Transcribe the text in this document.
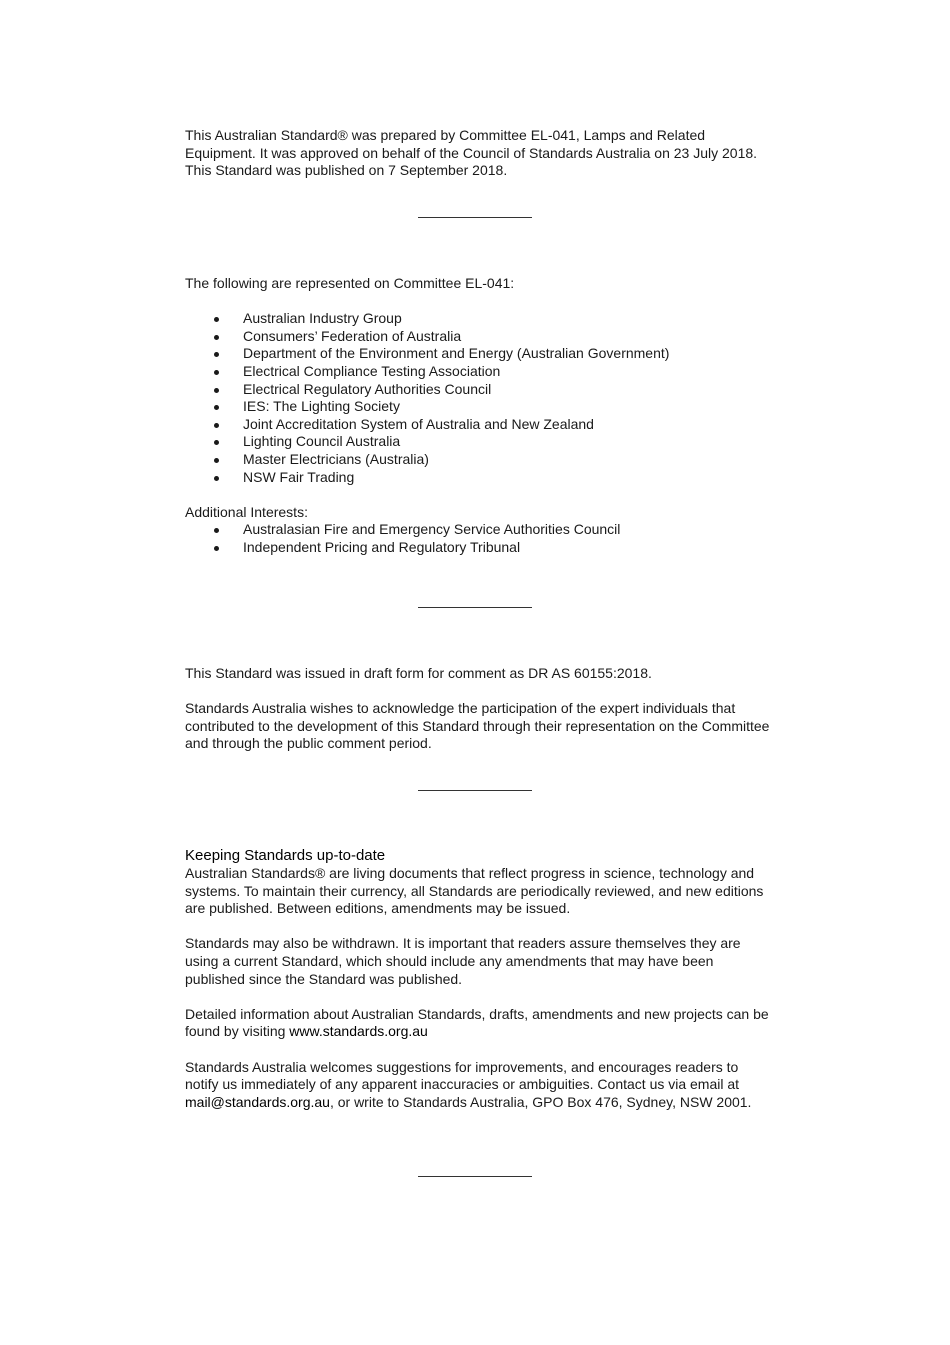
This Australian Standard® was prepared by Committee EL-041, Lamps and Related Equipment. It was approved on behalf of the Council of Standards Australia on 23 July 2018. This Standard was published on 7 September 2018.

The following are represented on Committee EL-041:

Australian Industry Group
Consumers’ Federation of Australia
Department of the Environment and Energy (Australian Government)
Electrical Compliance Testing Association
Electrical Regulatory Authorities Council
IES: The Lighting Society
Joint Accreditation System of Australia and New Zealand
Lighting Council Australia
Master Electricians (Australia)
NSW Fair Trading

Additional Interests:

Australasian Fire and Emergency Service Authorities Council
Independent Pricing and Regulatory Tribunal

This Standard was issued in draft form for comment as DR AS 60155:2018.

Standards Australia wishes to acknowledge the participation of the expert individuals that contributed to the development of this Standard through their representation on the Committee and through the public comment period.

Keeping Standards up-to-date

Australian Standards® are living documents that reflect progress in science, technology and systems. To maintain their currency, all Standards are periodically reviewed, and new editions are published. Between editions, amendments may be issued.

Standards may also be withdrawn. It is important that readers assure themselves they are using a current Standard, which should include any amendments that may have been published since the Standard was published.

Detailed information about Australian Standards, drafts, amendments and new projects can be found by visiting www.standards.org.au

Standards Australia welcomes suggestions for improvements, and encourages readers to notify us immediately of any apparent inaccuracies or ambiguities. Contact us via email at mail@standards.org.au, or write to Standards Australia, GPO Box 476, Sydney, NSW 2001.
